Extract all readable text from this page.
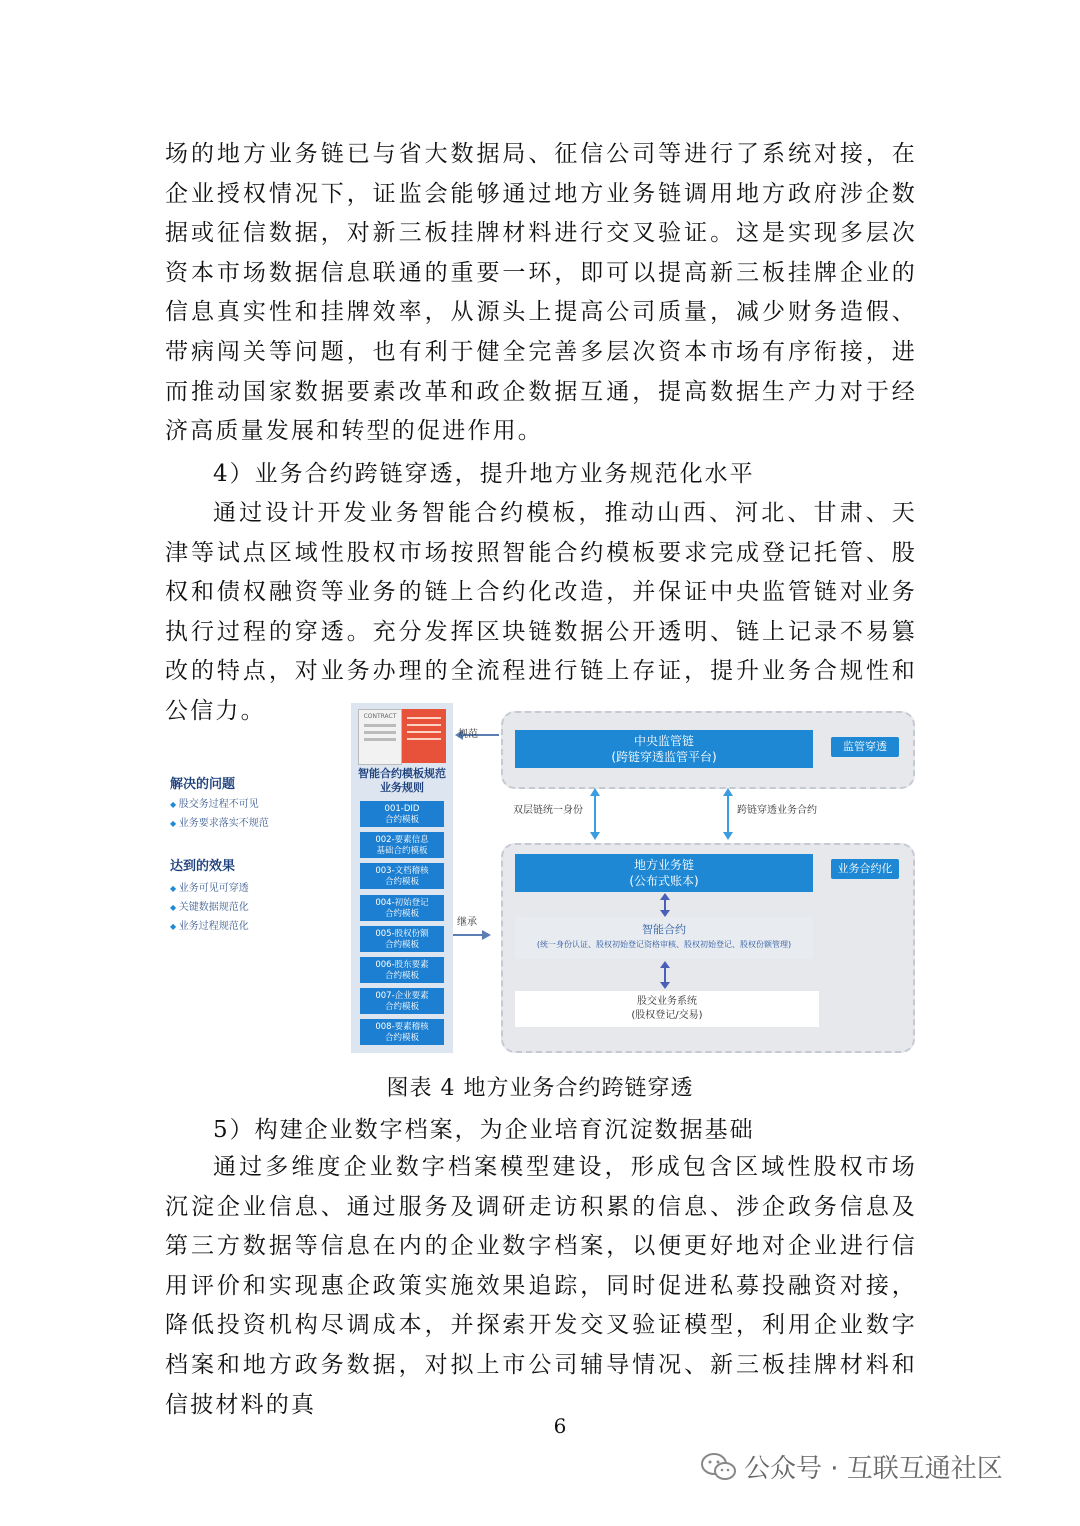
场的地方业务链已与省大数据局、征信公司等进行了系统对接，在企业授权情况下，证监会能够通过地方业务链调用地方政府涉企数据或征信数据，对新三板挂牌材料进行交叉验证。这是实现多层次资本市场数据信息联通的重要一环，即可以提高新三板挂牌企业的信息真实性和挂牌效率，从源头上提高公司质量，减少财务造假、带病闯关等问题，也有利于健全完善多层次资本市场有序衔接，进而推动国家数据要素改革和政企数据互通，提高数据生产力对于经济高质量发展和转型的促进作用。

4）业务合约跨链穿透，提升地方业务规范化水平

通过设计开发业务智能合约模板，推动山西、河北、甘肃、天津等试点区域性股权市场按照智能合约模板要求完成登记托管、股权和债权融资等业务的链上合约化改造，并保证中央监管链对业务执行过程的穿透。充分发挥区块链数据公开透明、链上记录不易篡改的特点，对业务办理的全流程进行链上存证，提升业务合规性和公信力。

解决的问题
◆ 股交务过程不可见
◆ 业务要求落实不规范
达到的效果
◆ 业务可见可穿透
◆ 关键数据规范化
◆ 业务过程规范化
CONTRACT
智能合约模板规范业务规则
001-DID
合约模板
002-要素信息
基础合约模板
003-文档稽核
合约模板
004-初始登记
合约模板
005-股权份额
合约模板
006-股东要素
合约模板
007-企业要素
合约模板
008-要素稽核
合约模板
规范
继承
中央监管链
(跨链穿透监管平台)
监管穿透
双层链统一身份	跨链穿透业务合约
地方业务链
(公布式账本)
业务合约化
智能合约
(统一身份认证、股权初始登记资格审核、股权初始登记、股权份额管理)
股交业务系统
(股权登记/交易)
图表 4 地方业务合约跨链穿透

5）构建企业数字档案，为企业培育沉淀数据基础

通过多维度企业数字档案模型建设，形成包含区域性股权市场沉淀企业信息、通过服务及调研走访积累的信息、涉企政务信息及第三方数据等信息在内的企业数字档案，以便更好地对企业进行信用评价和实现惠企政策实施效果追踪，同时促进私募投融资对接，降低投资机构尽调成本，并探索开发交叉验证模型，利用企业数字档案和地方政务数据，对拟上市公司辅导情况、新三板挂牌材料和信披材料的真

6
公众号 · 互联互通社区
